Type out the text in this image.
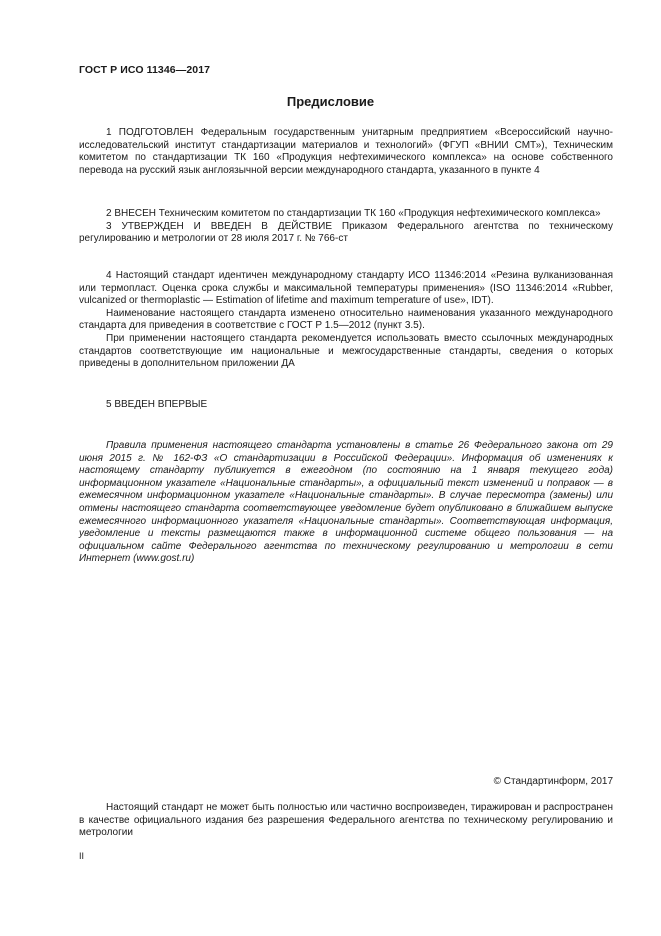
ГОСТ Р ИСО 11346—2017
Предисловие

1 ПОДГОТОВЛЕН Федеральным государственным унитарным предприятием «Всероссийский научно-исследовательский институт стандартизации материалов и технологий» (ФГУП «ВНИИ СМТ»), Техническим комитетом по стандартизации ТК 160 «Продукция нефтехимического комплекса» на основе собственного перевода на русский язык англоязычной версии международного стандарта, указанного в пункте 4

2 ВНЕСЕН Техническим комитетом по стандартизации ТК 160 «Продукция нефтехимического комплекса»

3 УТВЕРЖДЕН И ВВЕДЕН В ДЕЙСТВИЕ Приказом Федерального агентства по техническому регулированию и метрологии от 28 июля 2017 г. № 766-ст

4 Настоящий стандарт идентичен международному стандарту ИСО 11346:2014 «Резина вулканизованная или термопласт. Оценка срока службы и максимальной температуры применения» (ISO 11346:2014 «Rubber, vulcanized or thermoplastic — Estimation of lifetime and maximum temperature of use», IDT).

Наименование настоящего стандарта изменено относительно наименования указанного международного стандарта для приведения в соответствие с ГОСТ Р 1.5—2012 (пункт 3.5).

При применении настоящего стандарта рекомендуется использовать вместо ссылочных международных стандартов соответствующие им национальные и межгосударственные стандарты, сведения о которых приведены в дополнительном приложении ДА

5 ВВЕДЕН ВПЕРВЫЕ

Правила применения настоящего стандарта установлены в статье 26 Федерального закона от 29 июня 2015 г. № 162-ФЗ «О стандартизации в Российской Федерации». Информация об изменениях к настоящему стандарту публикуется в ежегодном (по состоянию на 1 января текущего года) информационном указателе «Национальные стандарты», а официальный текст изменений и поправок — в ежемесячном информационном указателе «Национальные стандарты». В случае пересмотра (замены) или отмены настоящего стандарта соответствующее уведомление будет опубликовано в ближайшем выпуске ежемесячного информационного указателя «Национальные стандарты». Соответствующая информация, уведомление и тексты размещаются также в информационной системе общего пользования — на официальном сайте Федерального агентства по техническому регулированию и метрологии в сети Интернет (www.gost.ru)
© Стандартинформ, 2017
Настоящий стандарт не может быть полностью или частично воспроизведен, тиражирован и распространен в качестве официального издания без разрешения Федерального агентства по техническому регулированию и метрологии
II
